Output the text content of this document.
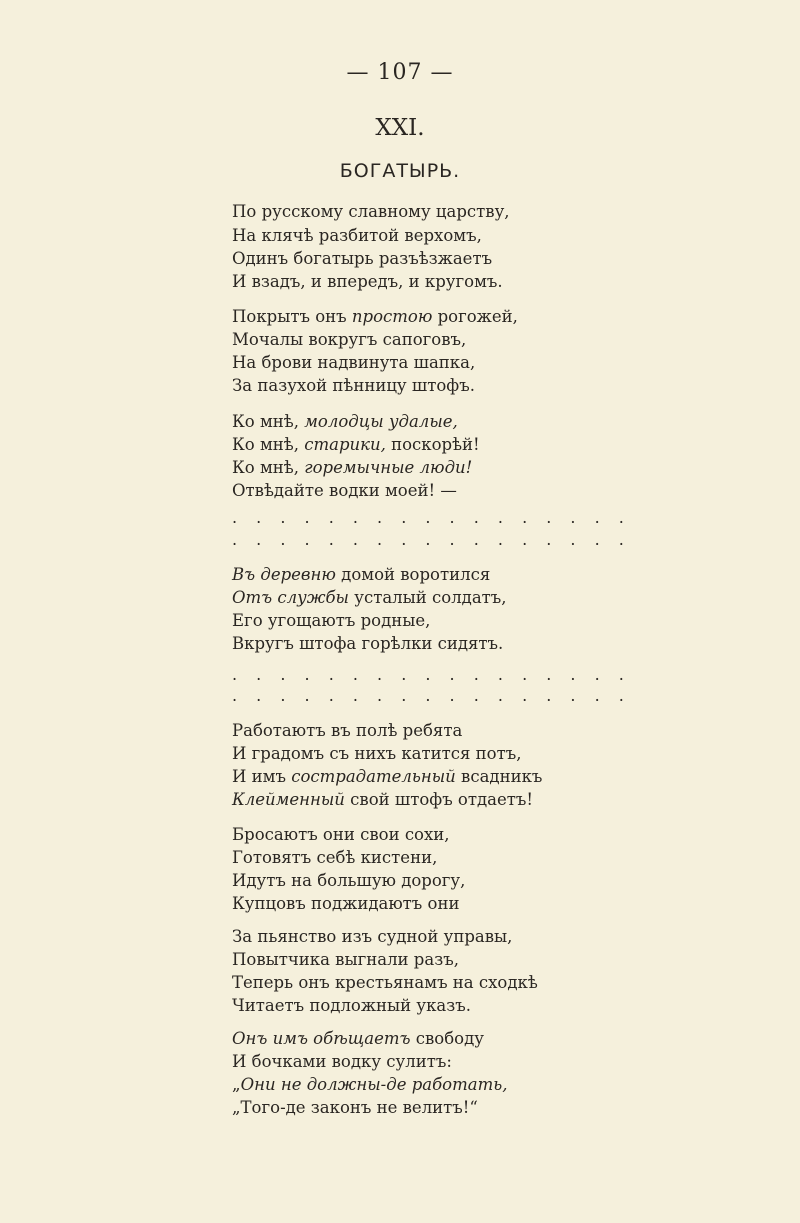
— 107 —
XXI.
БОГАТЫРЬ.
По русскому славному царству,
На клячѣ разбитой верхомъ,
Одинъ богатырь разъѣзжаетъ
И взадъ, и впередъ, и кругомъ.
Покрытъ онъ простою рогожей,
Мочалы вокругъ сапоговъ,
На брови надвинута шапка,
За пазухой пѣнницу штофъ.
Ко мнѣ, молодцы удалые,
Ко мнѣ, старики, поскорѣй!
Ко мнѣ, горемычные люди!
Отвѣдайте водки моей! —
. . . . . . . . . . . . . . . . .
. . . . . . . . . . . . . . . . .
Въ деревню домой воротился
Отъ службы усталый солдатъ,
Его угощаютъ родные,
Вкругъ штофа горѣлки сидятъ.
. . . . . . . . . . . . . . . . .
. . . . . . . . . . . . . . . . .
Работаютъ въ полѣ ребята
И градомъ съ нихъ катится потъ,
И имъ сострадательный всадникъ
Клейменный свой штофъ отдаетъ!
Бросаютъ они свои сохи,
Готовятъ себѣ кистени,
Идутъ на большую дорогу,
Купцовъ поджидаютъ они
За пьянство изъ судной управы,
Повытчика выгнали разъ,
Теперь онъ крестьянамъ на сходкѣ
Читаетъ подложный указъ.
Онъ имъ обѣщаетъ свободу
И бочками водку сулитъ:
„Они не должны-де работать,
„Того-де законъ не велитъ!“
